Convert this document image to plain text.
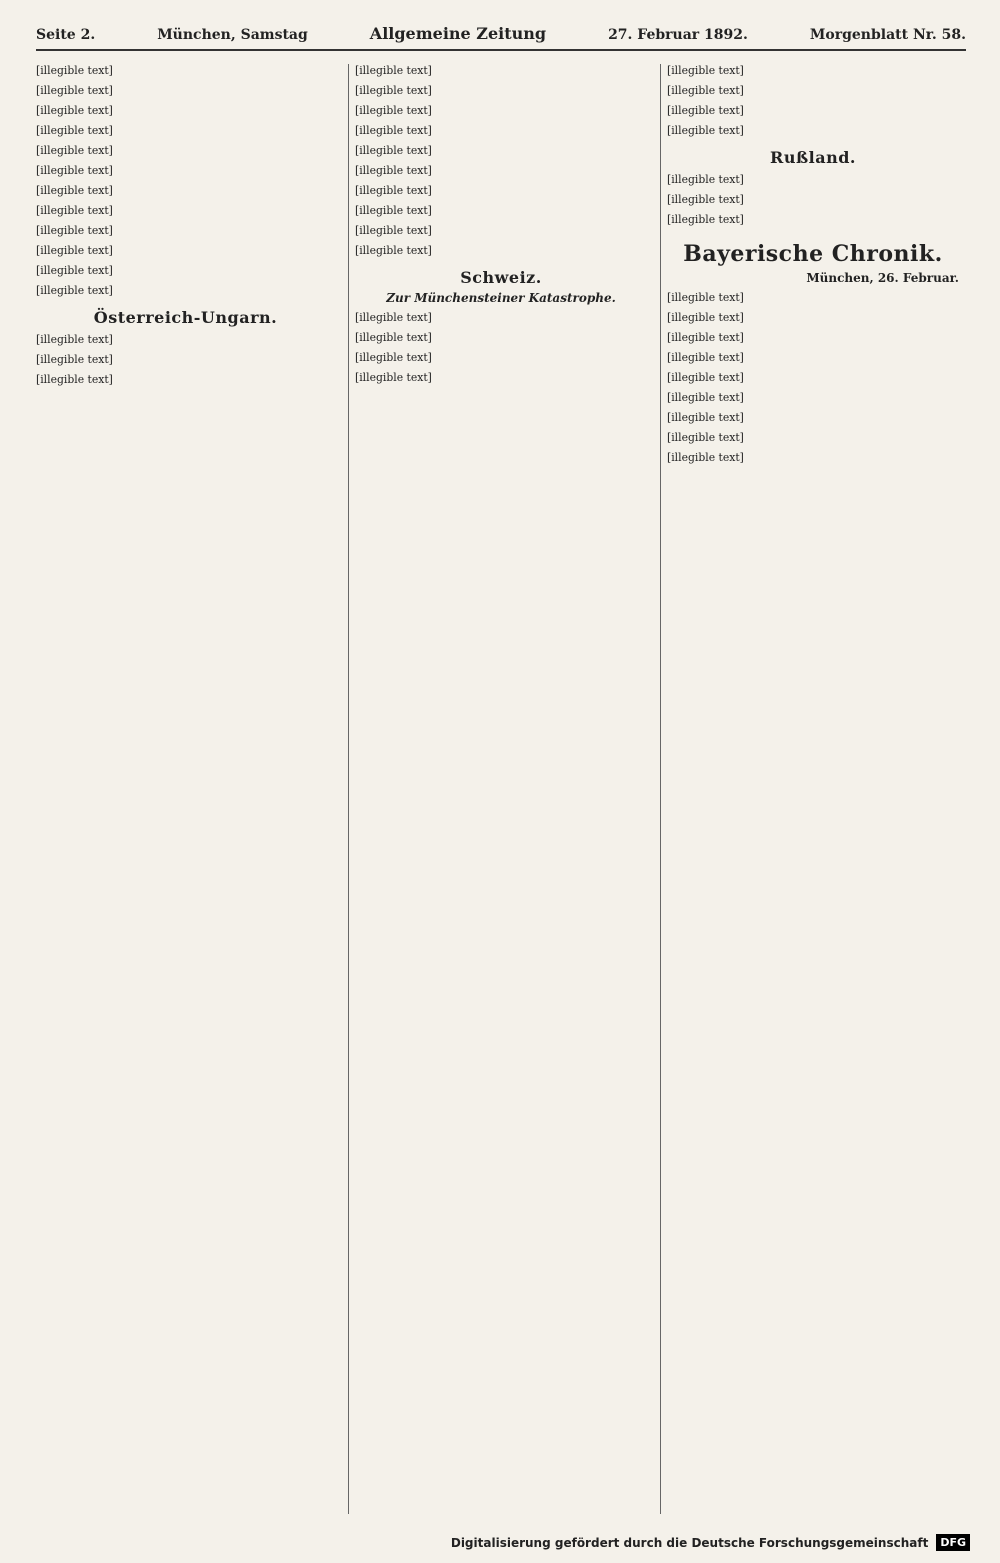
Seite 2.	München, Samstag	Allgemeine Zeitung	27. Februar 1892.	Morgenblatt Nr. 58.

[illegible text]

[illegible text]

[illegible text]

[illegible text]

[illegible text]

[illegible text]

[illegible text]

[illegible text]

[illegible text]

[illegible text]

[illegible text]

[illegible text]

Österreich-Ungarn.

[illegible text]

[illegible text]

[illegible text]

[illegible text]

[illegible text]

[illegible text]

[illegible text]

[illegible text]

[illegible text]

[illegible text]

[illegible text]

[illegible text]

[illegible text]

Schweiz.
Zur Münchensteiner Katastrophe.

[illegible text]

[illegible text]

[illegible text]

[illegible text]

[illegible text]

[illegible text]

[illegible text]

[illegible text]

Rußland.

[illegible text]

[illegible text]

[illegible text]

Bayerische Chronik.
München, 26. Februar.

[illegible text]

[illegible text]

[illegible text]

[illegible text]

[illegible text]

[illegible text]

[illegible text]

[illegible text]

[illegible text]

Digitalisierung gefördert durch die Deutsche Forschungsgemeinschaft	DFG
